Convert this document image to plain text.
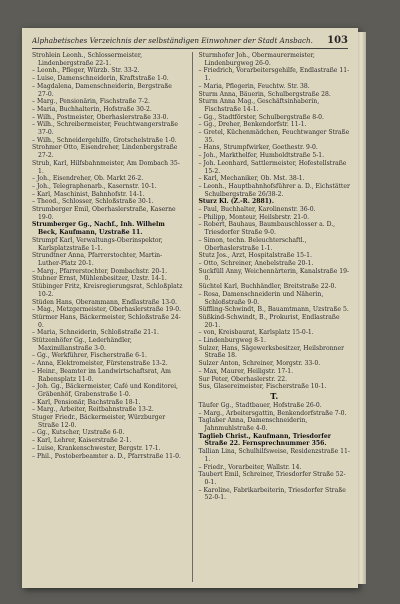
Alphabetisches Verzeichnis der selbständigen Einwohner der Stadt Ansbach.	103
Strohlein Leonh., Schlossermeister, Lindenbergstraße 22-1.
– Leonh., Pfleger, Würzb. Str. 33-2.
– Luise, Damenschneiderin, Kraftstraße 1-0.
– Magdalena, Damenschneiderin, Bergstraße 27-0.
– Marg., Pensionärin, Fischstraße 7-2.
– Maria, Buchhalterin, Hofstraße 30-2.
– Wilh., Postmeister, Oberhaslerstraße 33-0.
– Wilh., Schreibermeister, Feuchtwangerstraße 37-0.
– Wilh., Schneidergehilfe, Grotschelstraße 1-0.
Strohmer Otto, Eisendreher, Lindenbergstraße 27-2.
Strub, Karl, Hilfsbahnmeister, Am Dombach 35-1.
– Joh., Eisendreher, Ob. Markt 26-2.
– Joh., Telegraphenarb., Kasernstr. 10-1.
– Karl, Maschinist, Bahnhofstr. 14-1.
– Theod., Schlosser, Schloßstraße 30-1.
Strumberger Emil, Oberhaslerstraße, Kaserne 19-0.
Strumberger Gg., Nachf., Inh. Wilhelm Beck, Kaufmann, Uzstraße 11.
Strumpf Karl, Verwaltungs-Oberinspektor, Karlsplatzstraße 1-1.
Strundtner Anna, Pfarrerstochter, Martin-Luther-Platz 20-1.
– Marg., Pfarrerstochter, Dombachstr. 20-1.
Stubner Ernst, Mühlenbesitzer, Uzstr. 14-1.
Stübinger Fritz, Kreisregierungsrat, Schloßplatz 10-2.
Stüden Hans, Oberammann, Endlastraße 13-0.
– Mag., Metzgermeister, Oberhaslerstraße 19-0.
Stürmer Hans, Bäckermeister, Schloßstraße 24-0.
– Maria, Schneiderin, Schloßstraße 21-1.
Stützenhöfer Gg., Lederhändler, Maximilianstraße 3-0.
– Gg., Werkführer, Fischerstraße 6-1.
– Anna, Elektromeister, Fürstenstraße 13-2.
– Heinr., Beamter im Landwirtschaftsrat, Am Rabensplatz 11-0.
– Joh. Gg., Bäckermeister, Café und Konditorei, Gräbenhöf, Grabenstraße 1-0.
– Karl, Pensionär, Bachstraße 18-1.
– Marg., Arbeiter, Reitbahnstraße 13-2.
Stuger Friedr., Bäckermeister, Würzburger Straße 12-0.
– Gg., Kutscher, Uzstraße 6-0.
– Karl, Lehrer, Kaiserstraße 2-1.
– Luise, Krankenschwester, Bergstr. 17-1.
– Phil., Postoberbeamter a. D., Pfarrstraße 11-0.
Sturmhofer Joh., Obermaurermeister, Lindenburgweg 26-0.
– Friedrich, Vorarbeitersgehilfe, Endlastraße 11-1.
– Maria, Pflegerin, Feuchtw. Str. 38.
Sturm Anna, Bäuerin, Schulbergstraße 28.
Sturm Anna Mag., Geschäftsinhaberin, Fischstraße 14-1.
– Gg., Stadtförster, Schulbergstraße 8-0.
– Gg., Dreher, Benkendorfstr. 11-1.
– Gretel, Küchenmädchen, Feuchtwanger Straße 35.
– Hans, Strumpfwirker, Goethestr. 9-0.
– Joh., Markthelfer, Humboldtstraße 5-1.
– Joh. Leonhard, Sattlermeister, Hofestellstraße 15-2.
– Karl, Mechaniker, Ob. Mst. 38-1.
– Leonh., Hauptbahnhofsführer a. D., Eichstätter Schulbergstraße 26/38-2.
Sturz Kl. (Z.-R. 2881).
– Paul, Buchhalter, Karolinenstr. 36-0.
– Philipp, Monteur, Heilsbrstr. 21-0.
– Robert, Bauhaus, Baumbauschlosser a. D., Triesdorfer Straße 9-0.
– Simon, techn. Beleuchterschaftl., Oberhaslerstraße 1-1.
Stutz Jos., Arzt, Hospitalstraße 15-1.
– Otto, Schreiner, Anebelstraße 20-1.
Suckfüll Anny, Weichennärterin, Kanalstraße 19-0.
Süchtel Karl, Buchhändler, Breitstraße 22-0.
– Rosa, Damenschneiderin und Näherin, Schloßstraße 9-0.
Süffling-Schwindt, B., Bauamtmann, Uzstraße 5.
Süßkind-Schwindt, B., Prokurist, Endlastraße 20-1.
– von, Kreisbaurat, Karlsplatz 15-0-1.
– Lindenburgweg 8-1.
Sulzer, Hans, Sägewerksbesitzer, Heilsbronner Straße 18.
Sulzer Anton, Schreiner, Morgstr. 33-0.
– Max, Maurer, Heiligstr. 17-1.
Sur Peter, Oberhaslerstr. 22.
Sus, Glasereimeister, Fischerstraße 10-1.
T.
Täufer Gg., Stadtbauer, Hofstraße 26-0.
– Marg., Arbeitersgattin, Benkendorfstraße 7-0.
Taglaber Anna, Damenschneiderin, Jahnmuhlstraße 4-0.
Taglieb Christ., Kaufmann, Triesdorfer Straße 22. Fernsprechnummer 356.
Tallian Lina, Schulhilfsweise, Residenzstraße 11-1.
– Friedr., Vorarbeiter, Wallstr. 14.
Taubert Emil, Schreiner, Triesdorfer Straße 52-0-1.
– Karoline, Fabrikarbeiterin, Triesdorfer Straße 52-0-1.
